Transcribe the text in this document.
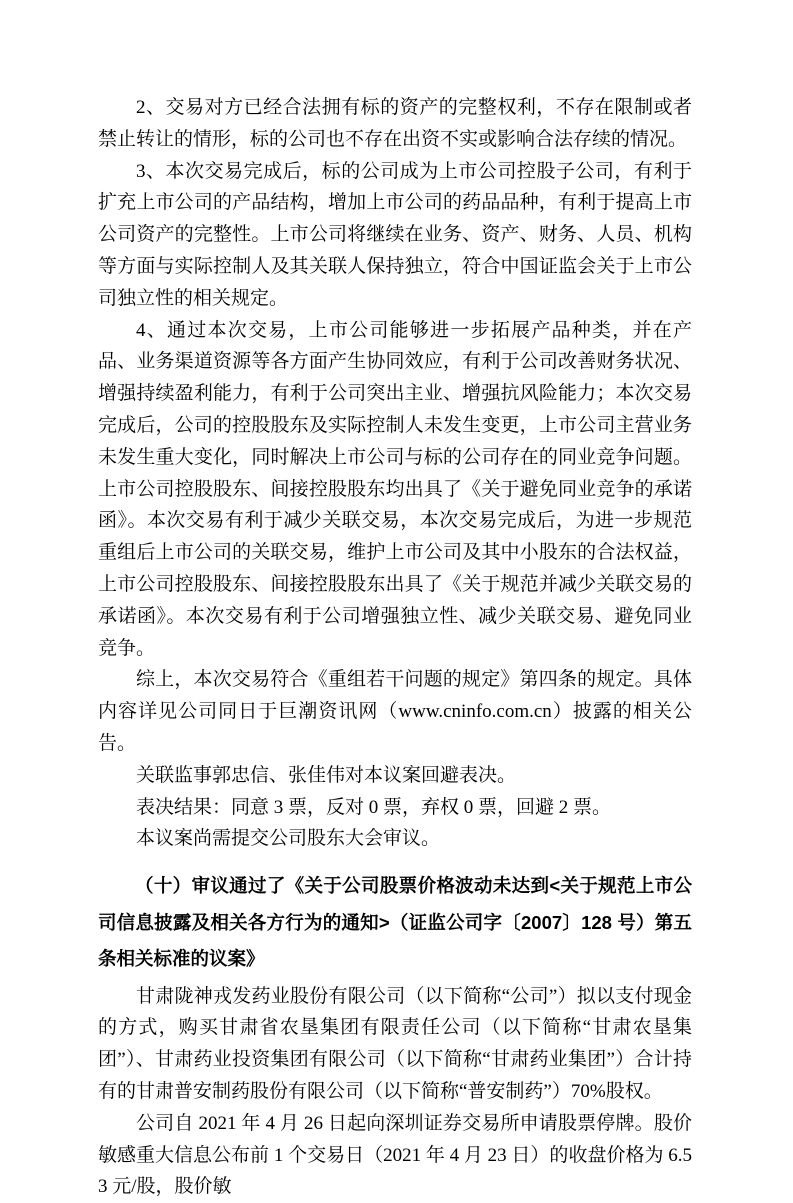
2、交易对方已经合法拥有标的资产的完整权利，不存在限制或者禁止转让的情形，标的公司也不存在出资不实或影响合法存续的情况。

3、本次交易完成后，标的公司成为上市公司控股子公司，有利于扩充上市公司的产品结构，增加上市公司的药品品种，有利于提高上市公司资产的完整性。上市公司将继续在业务、资产、财务、人员、机构等方面与实际控制人及其关联人保持独立，符合中国证监会关于上市公司独立性的相关规定。

4、通过本次交易，上市公司能够进一步拓展产品种类，并在产品、业务渠道资源等各方面产生协同效应，有利于公司改善财务状况、增强持续盈利能力，有利于公司突出主业、增强抗风险能力；本次交易完成后，公司的控股股东及实际控制人未发生变更，上市公司主营业务未发生重大变化，同时解决上市公司与标的公司存在的同业竞争问题。上市公司控股股东、间接控股股东均出具了《关于避免同业竞争的承诺函》。本次交易有利于减少关联交易，本次交易完成后，为进一步规范重组后上市公司的关联交易，维护上市公司及其中小股东的合法权益，上市公司控股股东、间接控股股东出具了《关于规范并减少关联交易的承诺函》。本次交易有利于公司增强独立性、减少关联交易、避免同业竞争。

综上，本次交易符合《重组若干问题的规定》第四条的规定。具体内容详见公司同日于巨潮资讯网（www.cninfo.com.cn）披露的相关公告。

关联监事郭忠信、张佳伟对本议案回避表决。

表决结果：同意 3 票，反对 0 票，弃权 0 票，回避 2 票。

本议案尚需提交公司股东大会审议。

（十）审议通过了《关于公司股票价格波动未达到<关于规范上市公司信息披露及相关各方行为的通知>（证监公司字〔2007〕128 号）第五条相关标准的议案》

甘肃陇神戎发药业股份有限公司（以下简称“公司”）拟以支付现金的方式，购买甘肃省农垦集团有限责任公司（以下简称“甘肃农垦集团”）、甘肃药业投资集团有限公司（以下简称“甘肃药业集团”）合计持有的甘肃普安制药股份有限公司（以下简称“普安制药”）70%股权。

公司自 2021 年 4 月 26 日起向深圳证券交易所申请股票停牌。股价敏感重大信息公布前 1 个交易日（2021 年 4 月 23 日）的收盘价格为 6.53 元/股，股价敏
